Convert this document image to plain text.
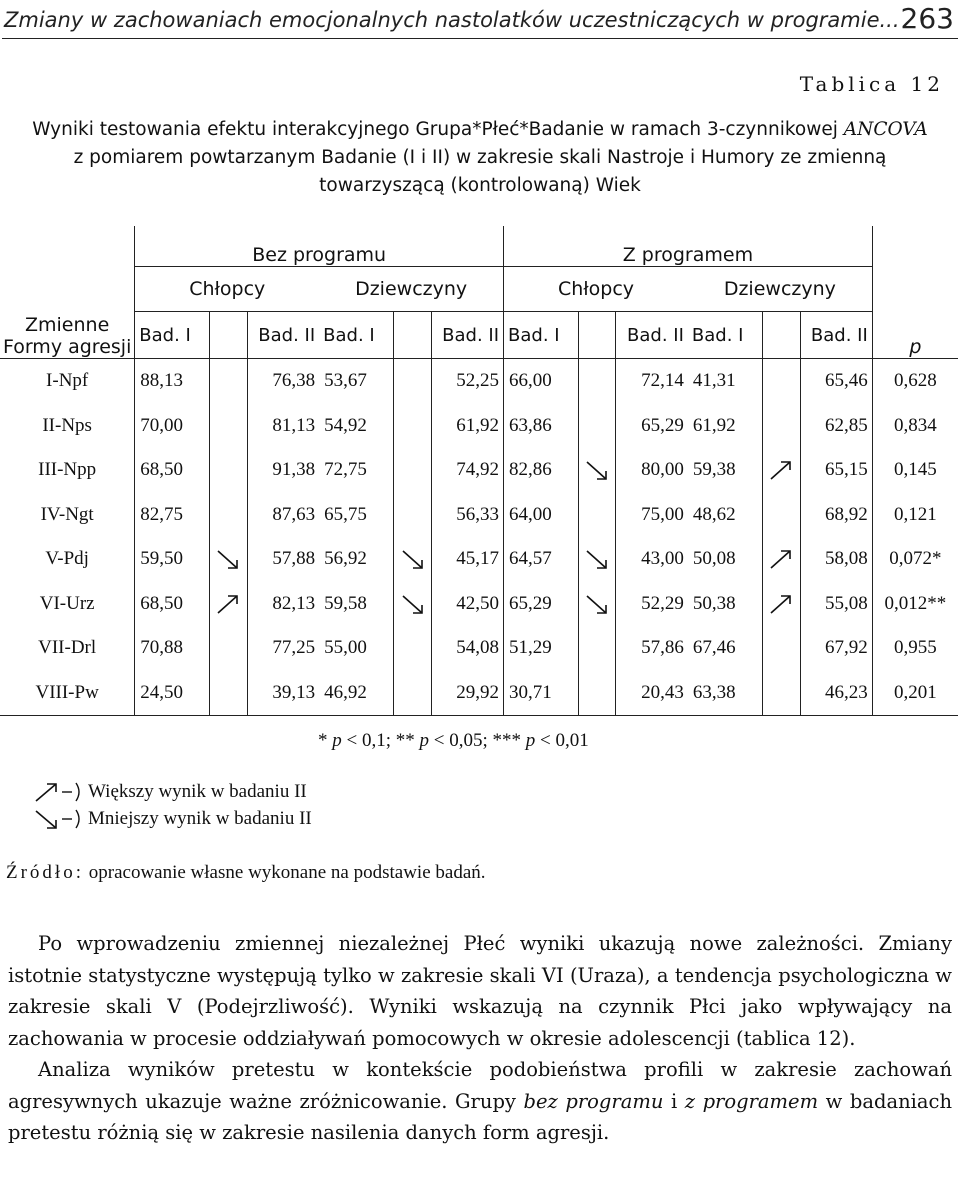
Zmiany w zachowaniach emocjonalnych nastolatków uczestniczących w programie... 263
Tablica 12
Wyniki testowania efektu interakcyjnego Grupa*Płeć*Badanie w ramach 3-czynnikowej ANCOVA
z pomiarem powtarzanym Badanie (I i II) w zakresie skali Nastroje i Humory ze zmienną
towarzyszącą (kontrolowaną) Wiek
Zmienne
Formy agresji	Bez programu						Z programem						p
	Chłopcy			Dziewczyny			Chłopcy			Dziewczyny			
	Bad. I		Bad. II	Bad. I		Bad. II	Bad. I		Bad. II	Bad. I		Bad. II	
I-Npf	88,13		76,38	53,67		52,25	66,00		72,14	41,31		65,46	0,628
II-Nps	70,00		81,13	54,92		61,92	63,86		65,29	61,92		62,85	0,834
III-Npp	68,50		91,38	72,75		74,92	82,86		80,00	59,38		65,15	0,145
IV-Ngt	82,75		87,63	65,75		56,33	64,00		75,00	48,62		68,92	0,121
V-Pdj	59,50		57,88	56,92		45,17	64,57		43,00	50,08		58,08	0,072*
VI-Urz	68,50		82,13	59,58		42,50	65,29		52,29	50,38		55,08	0,012**
VII-Drl	70,88		77,25	55,00		54,08	51,29		57,86	67,46		67,92	0,955
VIII-Pw	24,50		39,13	46,92		29,92	30,71		20,43	63,38		46,23	0,201
* p < 0,1; ** p < 0,05; *** p < 0,01
Większy wynik w badaniu II
Mniejszy wynik w badaniu II
Źródło: opracowanie własne wykonane na podstawie badań.

Po wprowadzeniu zmiennej niezależnej Płeć wyniki ukazują nowe zależności. Zmiany istotnie statystyczne występują tylko w zakresie skali VI (Uraza), a tendencja psychologiczna w zakresie skali V (Podejrzliwość). Wyniki wskazują na czynnik Płci jako wpływający na zachowania w procesie oddziaływań pomocowych w okresie adolescencji (tablica 12).

Analiza wyników pretestu w kontekście podobieństwa profili w zakresie zachowań agresywnych ukazuje ważne zróżnicowanie. Grupy bez programu i z programem w badaniach pretestu różnią się w zakresie nasilenia danych form agresji.
